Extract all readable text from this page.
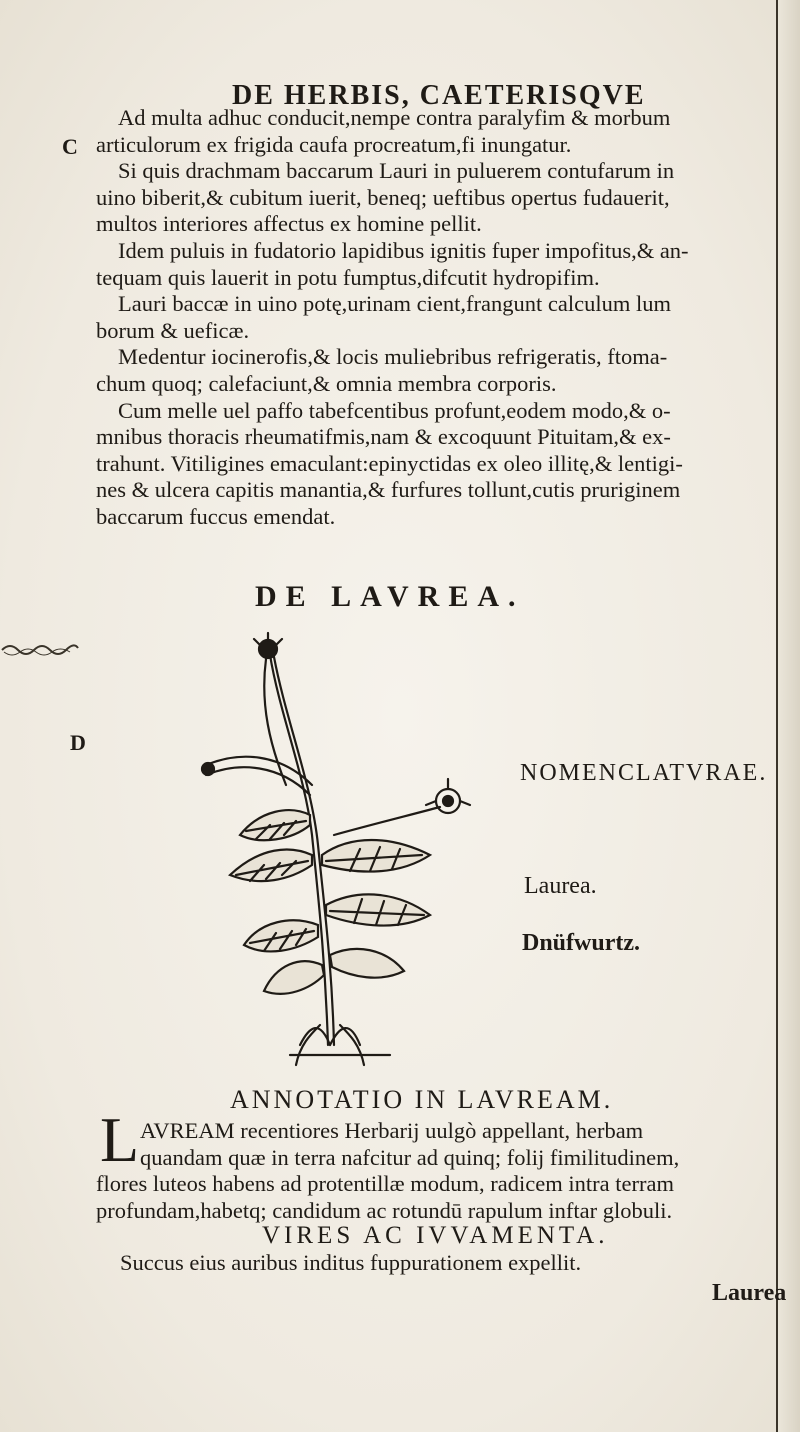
DE HERBIS, CAETERISQVE
C
D
Ad multa adhuc conducit,nempe contra paralyfim & morbum
articulorum ex frigida caufa procreatum,fi inungatur.
Si quis drachmam baccarum Lauri in puluerem contufarum in
uino biberit,& cubitum iuerit, beneq; ueftibus opertus fudauerit,
multos interiores affectus ex homine pellit.
Idem puluis in fudatorio lapidibus ignitis fuper impofitus,& an-
tequam quis lauerit in potu fumptus,difcutit hydropifim.
Lauri baccæ in uino potę,urinam cient,frangunt calculum lum
borum & ueficæ.
Medentur iocinerofis,& locis muliebribus refrigeratis, ftoma-
chum quoq; calefaciunt,& omnia membra corporis.
Cum melle uel paffo tabefcentibus profunt,eodem modo,& o-
mnibus thoracis rheumatifmis,nam & excoquunt Pituitam,& ex-
trahunt. Vitiligines emaculant:epinyctidas ex oleo illitę,& lentigi-
nes & ulcera capitis manantia,& furfures tollunt,cutis pruriginem
baccarum fuccus emendat.
DE LAVREA.
NOMENCLATVRAE.
Laurea.
Dnüfwurtz.
ANNOTATIO IN LAVREAM.
L AVREAM recentiores Herbarij uulgò appellant, herbam
quandam quæ in terra nafcitur ad quinq; folij fimilitudinem,
flores luteos habens ad protentillæ modum, radicem intra terram
profundam,habetq; candidum ac rotundū rapulum inftar globuli.
VIRES AC IVVAMENTA.
Succus eius auribus inditus fuppurationem expellit.
Laurea
